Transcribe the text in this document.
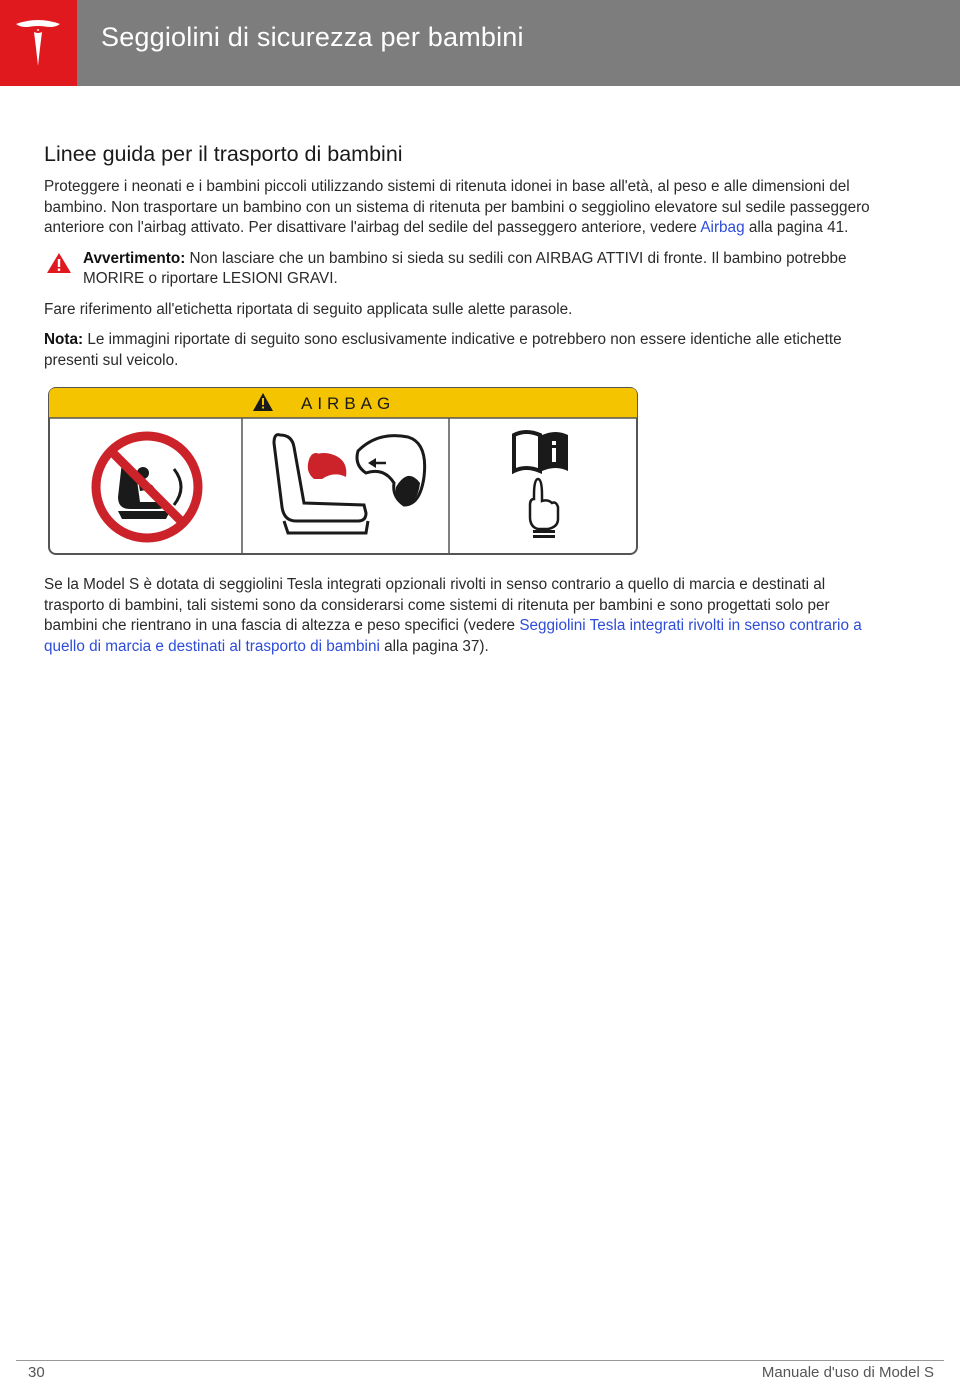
Seggiolini di sicurezza per bambini
Linee guida per il trasporto di bambini

Proteggere i neonati e i bambini piccoli utilizzando sistemi di ritenuta idonei in base all'età, al peso e alle dimensioni del bambino. Non trasportare un bambino con un sistema di ritenuta per bambini o seggiolino elevatore sul sedile passeggero anteriore con l'airbag attivato. Per disattivare l'airbag del sedile del passeggero anteriore, vedere Airbag alla pagina 41.

Avvertimento: Non lasciare che un bambino si sieda su sedili con AIRBAG ATTIVI di fronte. Il bambino potrebbe MORIRE o riportare LESIONI GRAVI.

Fare riferimento all'etichetta riportata di seguito applicata sulle alette parasole.

Nota: Le immagini riportate di seguito sono esclusivamente indicative e potrebbero non essere identiche alle etichette presenti sul veicolo.

AIRBAG

Se la Model S è dotata di seggiolini Tesla integrati opzionali rivolti in senso contrario a quello di marcia e destinati al trasporto di bambini, tali sistemi sono da considerarsi come sistemi di ritenuta per bambini e sono progettati solo per bambini che rientrano in una fascia di altezza e peso specifici (vedere Seggiolini Tesla integrati rivolti in senso contrario a quello di marcia e destinati al trasporto di bambini alla pagina 37).

30	Manuale d'uso di Model S
